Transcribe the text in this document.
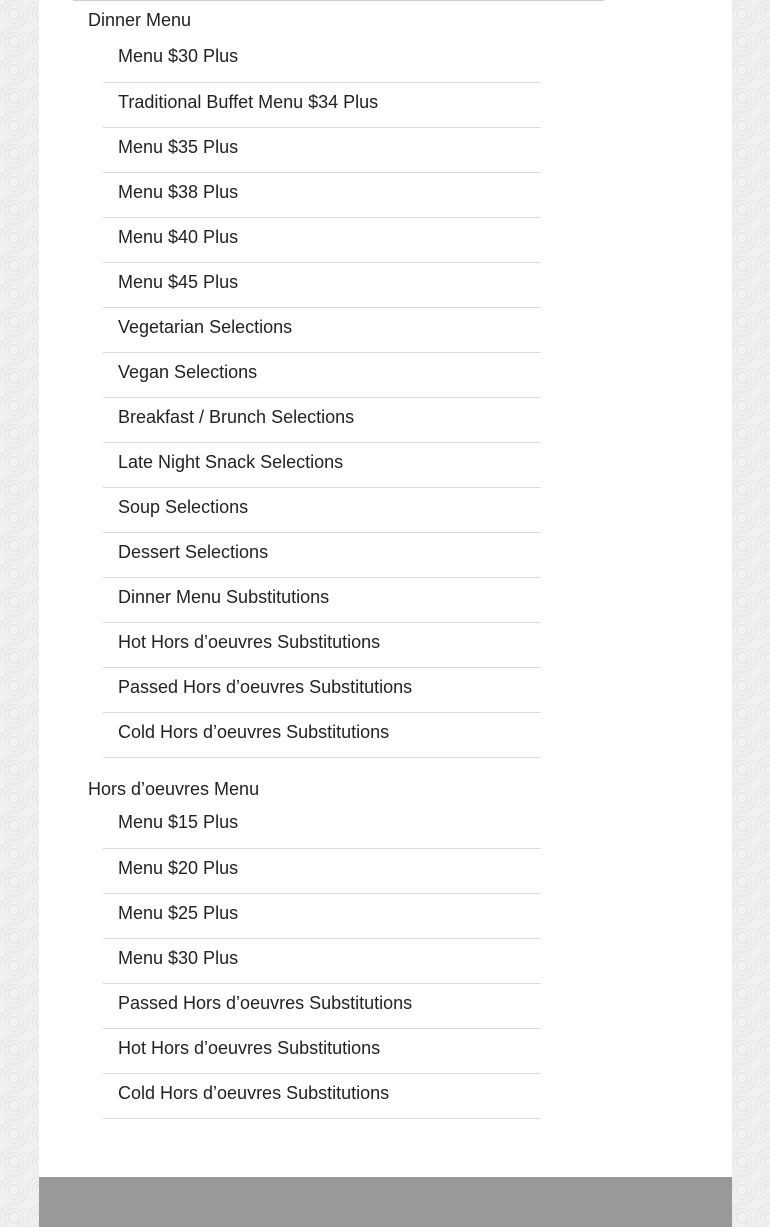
Dinner Menu
Menu $30 Plus
Traditional Buffet Menu $34 Plus
Menu $35 Plus
Menu $38 Plus
Menu $40 Plus
Menu $45 Plus
Vegetarian Selections
Vegan Selections
Breakfast / Brunch Selections
Late Night Snack Selections
Soup Selections
Dessert Selections
Dinner Menu Substitutions
Hot Hors d’oeuvres Substitutions
Passed Hors d’oeuvres Substitutions
Cold Hors d’oeuvres Substitutions
Hors d’oeuvres Menu
Menu $15 Plus
Menu $20 Plus
Menu $25 Plus
Menu $30 Plus
Passed Hors d’oeuvres Substitutions
Hot Hors d’oeuvres Substitutions
Cold Hors d’oeuvres Substitutions
